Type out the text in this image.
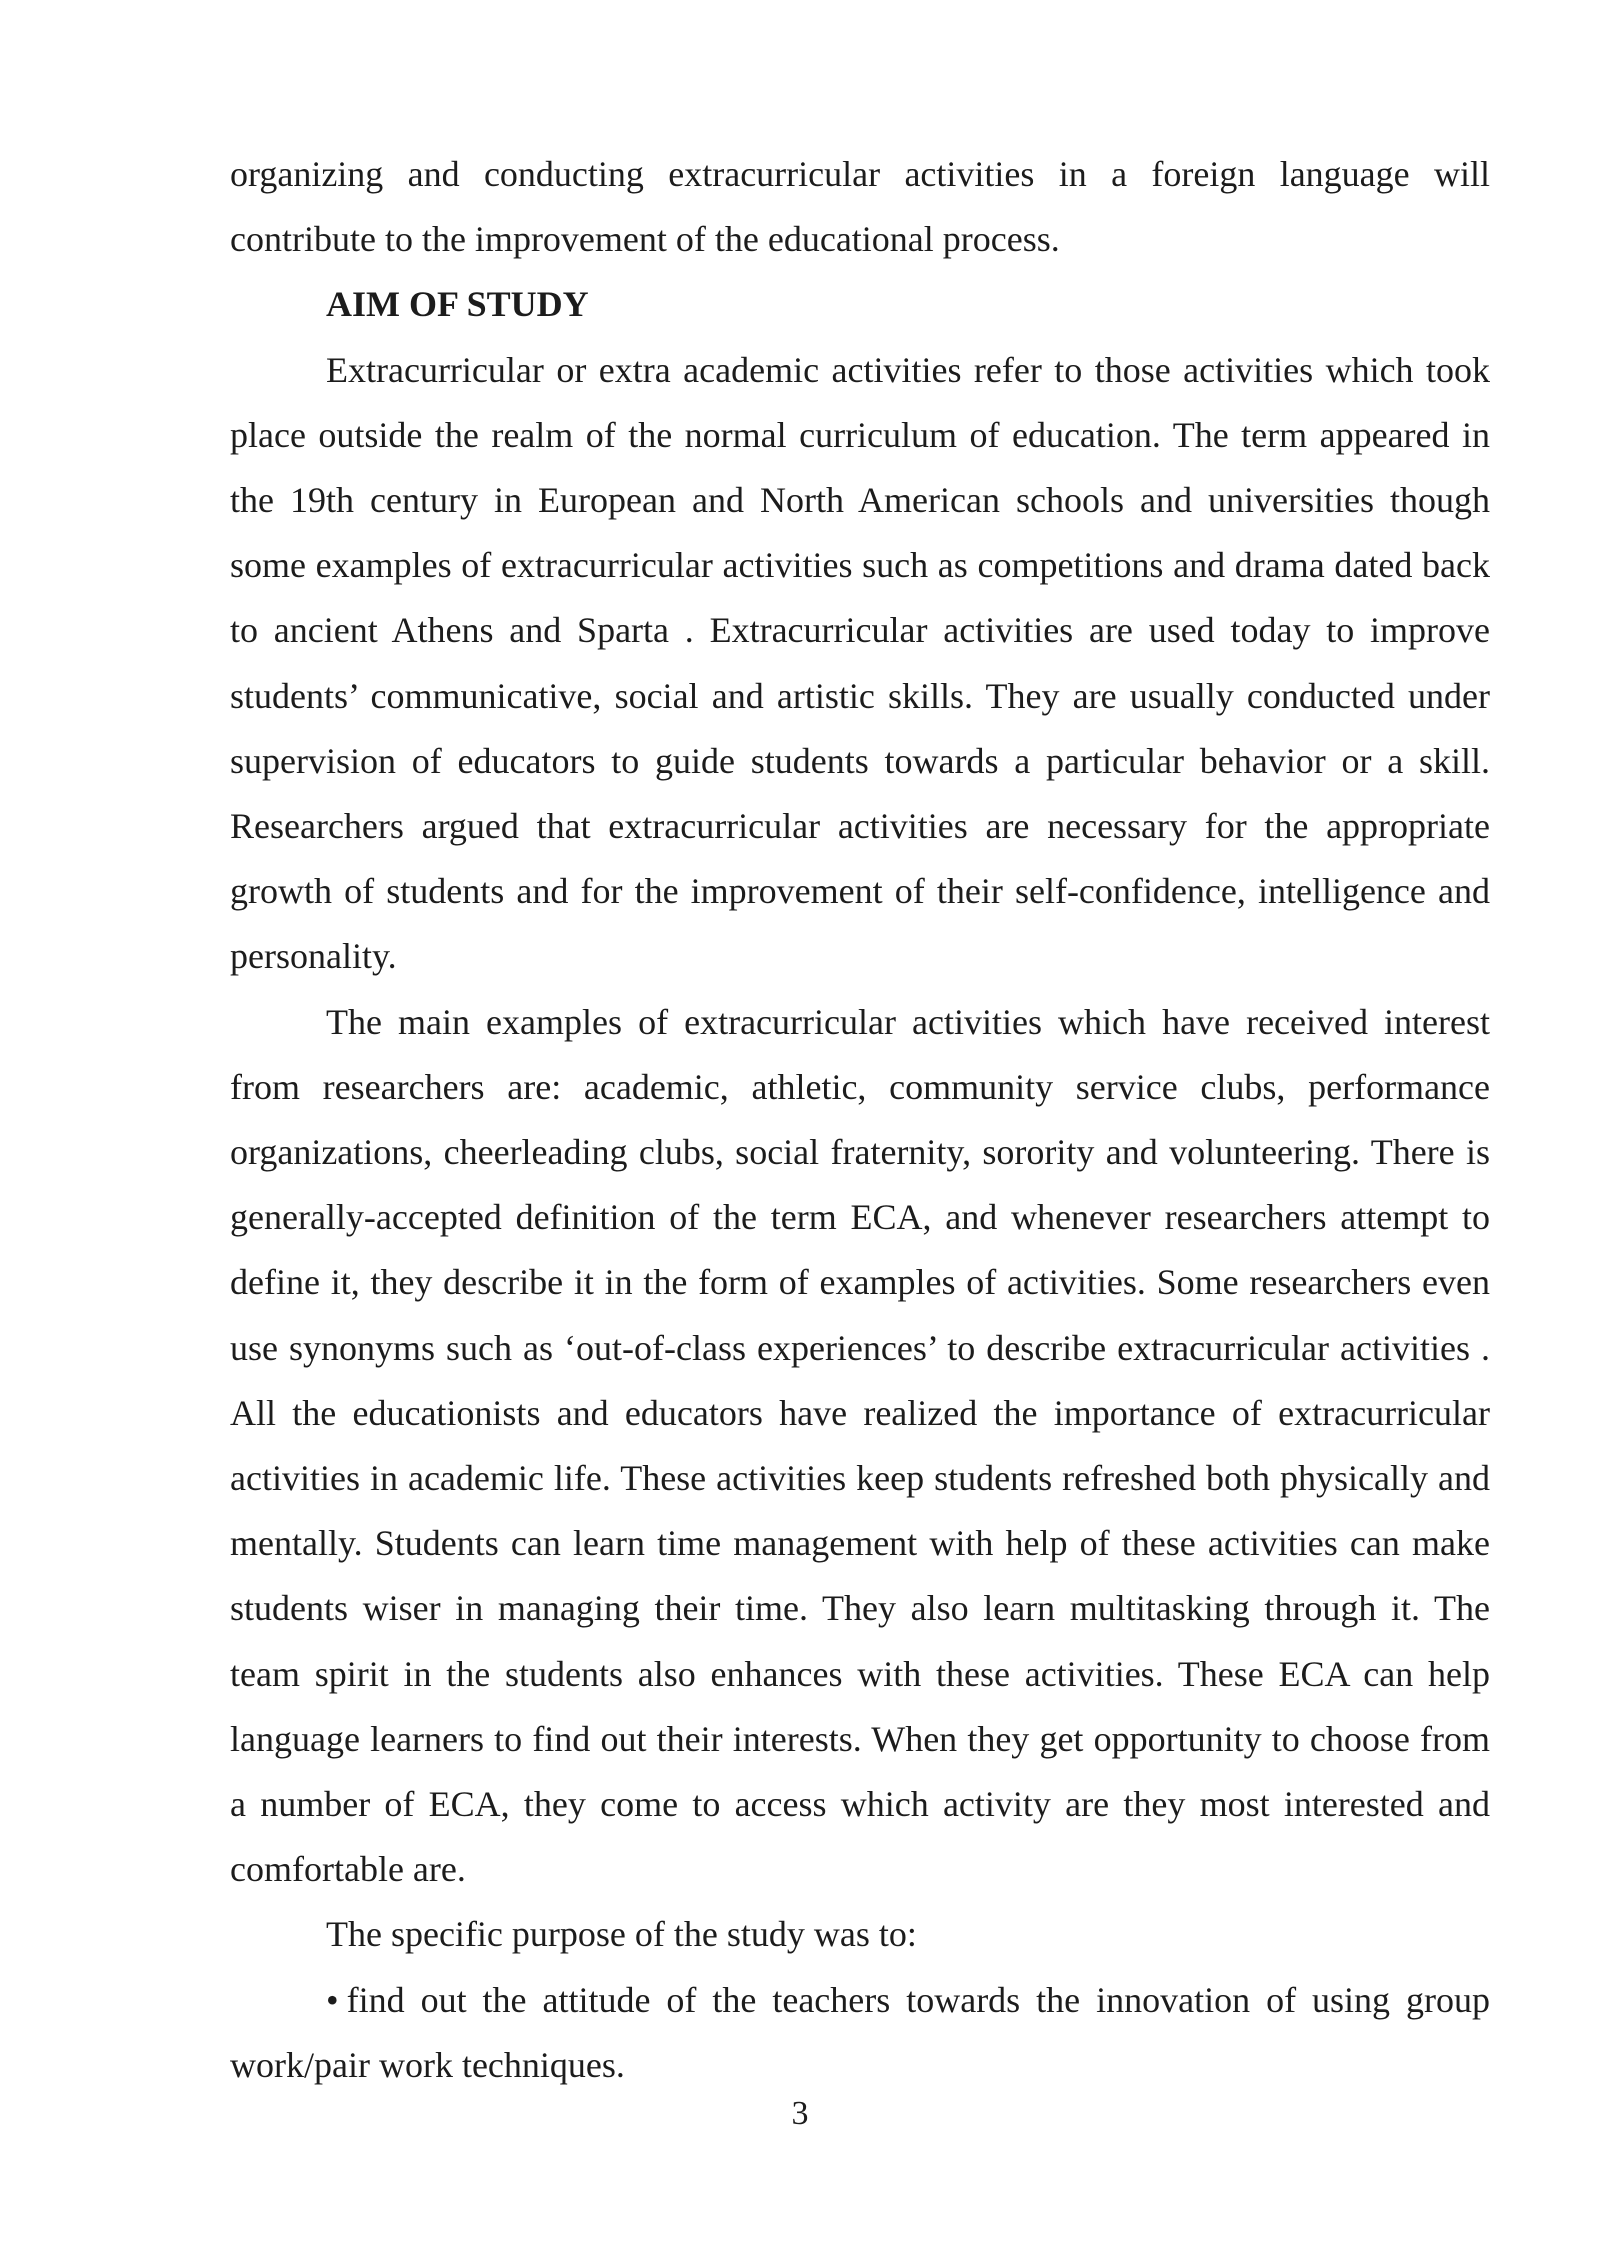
organizing and conducting extracurricular activities in a foreign language will contribute to the improvement of the educational process.

AIM OF STUDY

Extracurricular or extra academic activities refer to those activities which took place outside the realm of the normal curriculum of education. The term appeared in the 19th century in European and North American schools and universities though some examples of extracurricular activities such as competitions and drama dated back to ancient Athens and Sparta . Extracurricular activities are used today to improve students’ communicative, social and artistic skills. They are usually conducted under supervision of educators to guide students towards a particular behavior or a skill. Researchers argued that extracurricular activities are necessary for the appropriate growth of students and for the improvement of their self-confidence, intelligence and personality.

The main examples of extracurricular activities which have received interest from researchers are: academic, athletic, community service clubs, performance organizations, cheerleading clubs, social fraternity, sorority and volunteering. There is generally-accepted definition of the term ECA, and whenever researchers attempt to define it, they describe it in the form of examples of activities. Some researchers even use synonyms such as ‘out-of-class experiences’ to describe extracurricular activities . All the educationists and educators have realized the importance of extracurricular activities in academic life. These activities keep students refreshed both physically and mentally. Students can learn time management with help of these activities can make students wiser in managing their time. They also learn multitasking through it. The team spirit in the students also enhances with these activities. These ECA can help language learners to find out their interests. When they get opportunity to choose from a number of ECA, they come to access which activity are they most interested and comfortable are.

The specific purpose of the study was to:

• find out the attitude of the teachers towards the innovation of using group work/pair work techniques.

3
